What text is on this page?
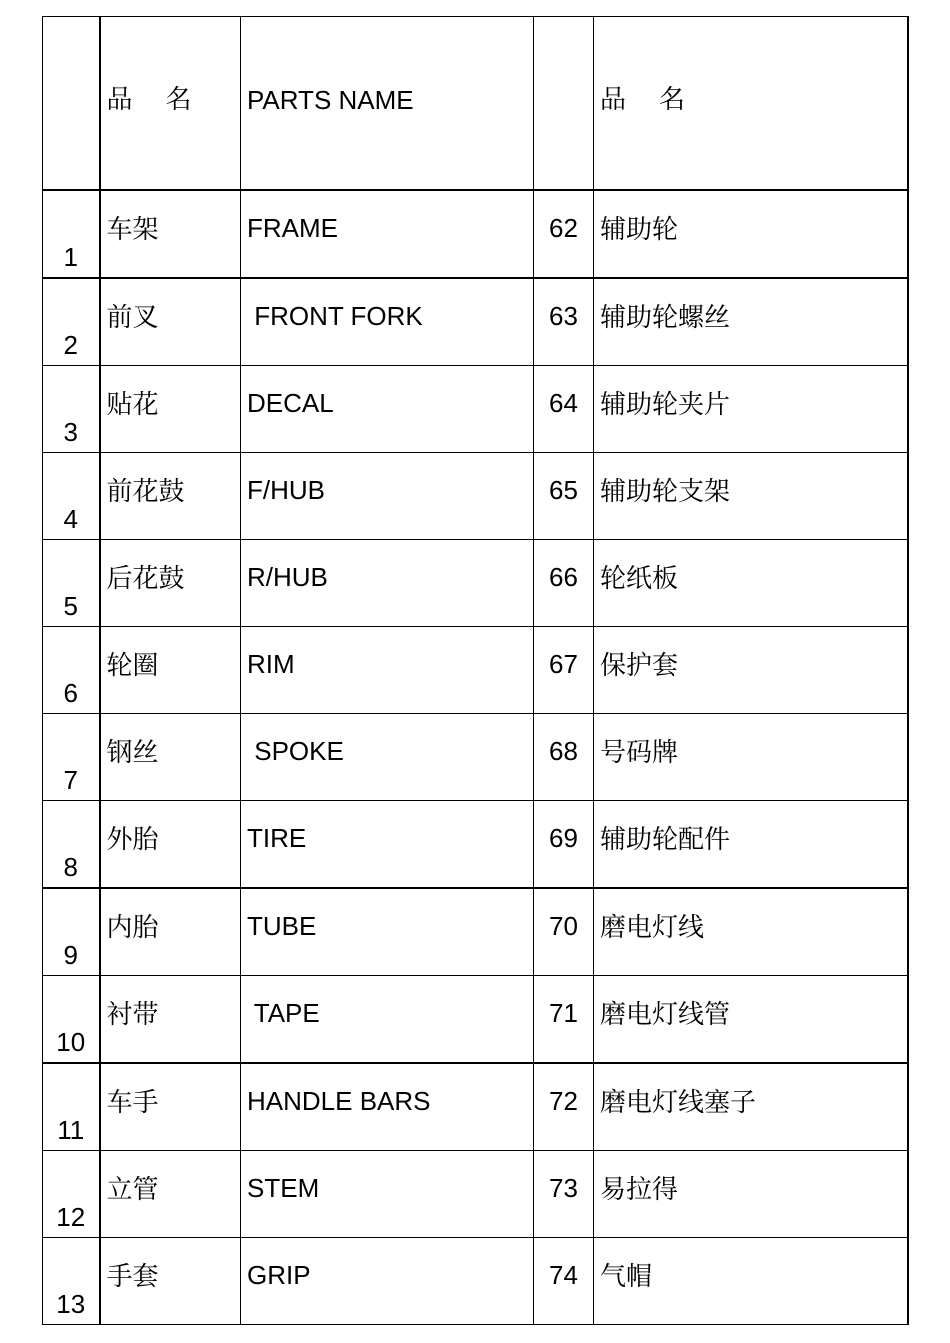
	品    名	PARTS NAME		品    名

1	车架	FRAME	62	辅助轮

2	前叉	FRONT FORK	63	辅助轮螺丝

3	贴花	DECAL	64	辅助轮夹片

4	前花鼓	F/HUB	65	辅助轮支架

5	后花鼓	R/HUB	66	轮纸板

6	轮圈	RIM	67	保护套

7	钢丝	SPOKE	68	号码牌

8	外胎	TIRE	69	辅助轮配件

9	内胎	TUBE	70	磨电灯线

10	衬带	TAPE	71	磨电灯线管

11	车手	HANDLE BARS	72	磨电灯线塞子

12	立管	STEM	73	易拉得

13	手套	GRIP	74	气帽
